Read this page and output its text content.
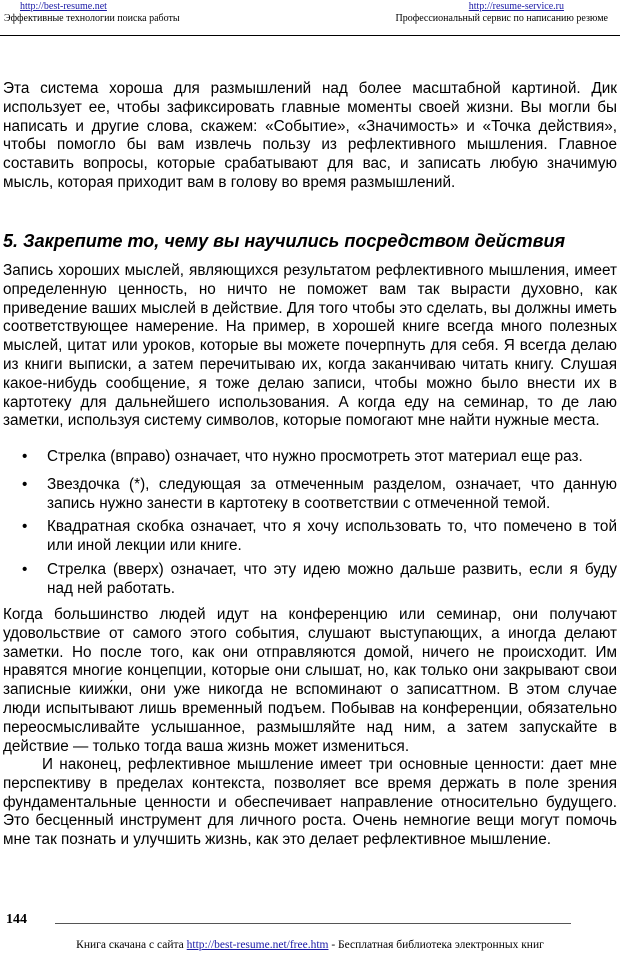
http://best-resume.net	http://resume-service.ru
Эффективные технологии поиска работы	Профессиональный сервис по написанию резюме

Эта система хороша для размышлений над более масштабной картиной. Дик использует ее, чтобы зафиксировать главные моменты своей жизни. Вы могли бы написать и другие слова, скажем: «Событие», «Значимость» и «Точка действия», чтобы помогло бы вам извлечь пользу из рефлективного мышления. Главное составить вопросы, которые срабатывают для вас, и записать любую значимую мысль, которая приходит вам в голову во время размышлений.

5. Закрепите то, чему вы научились посредством действия

Запись хороших мыслей, являющихся результатом рефлективного мышления, имеет определенную ценность, но ничто не поможет вам так вырасти духовно, как приведение ваших мыслей в действие. Для того чтобы это сделать, вы должны иметь соответствующее намерение. На пример, в хорошей книге всегда много полезных мыслей, цитат или уроков, которые вы можете почерпнуть для себя. Я всегда делаю из книги выписки, а затем перечитываю их, когда заканчиваю читать книгу. Слушая какое-нибудь сообщение, я тоже делаю записи, чтобы можно было внести их в картотеку для дальнейшего использования. А когда еду на семинар, то де лаю заметки, используя систему символов, которые помогают мне найти нужные места.

• Стрелка (вправо) означает, что нужно просмотреть этот материал еще раз.
• Звездочка (*), следующая за отмеченным разделом, означает, что данную запись нужно занести в картотеку в соответствии с отмеченной темой.
• Квадратная скобка означает, что я хочу использовать то, что помечено в той или иной лекции или книге.
• Стрелка (вверх) означает, что эту идею можно дальше развить, если я буду над ней работать.

Когда большинство людей идут на конференцию или семинар, они получают удовольствие от самого этого события, слушают выступающих, а иногда делают заметки. Но после того, как они отправляются домой, ничего не происходит. Им нравятся многие концепции, которые они слышат, но, как только они закрывают свои записные кииж́ки, они уже никогда не вспоминают о записаттном. В этом случае люди испытывают лишь временный подъем. Побывав на конференции, обязательно переосмысливайте услышанное, размышляйте над ним, а затем запускайте в действие — только тогда ваша жизнь может измениться.

И наконец, рефлективное мышление имеет три основные ценности: дает мне перспективу в пределах контекста, позволяет все время держать в поле зрения фундаментальные ценности и обеспечивает направление относительно будущего. Это бесценный инструмент для личного роста. Очень немногие вещи могут помочь мне так познать и улучшить жизнь, как это делает рефлективное мышление.

144
Книга скачана с сайта http://best-resume.net/free.htm - Бесплатная библиотека электронных книг
